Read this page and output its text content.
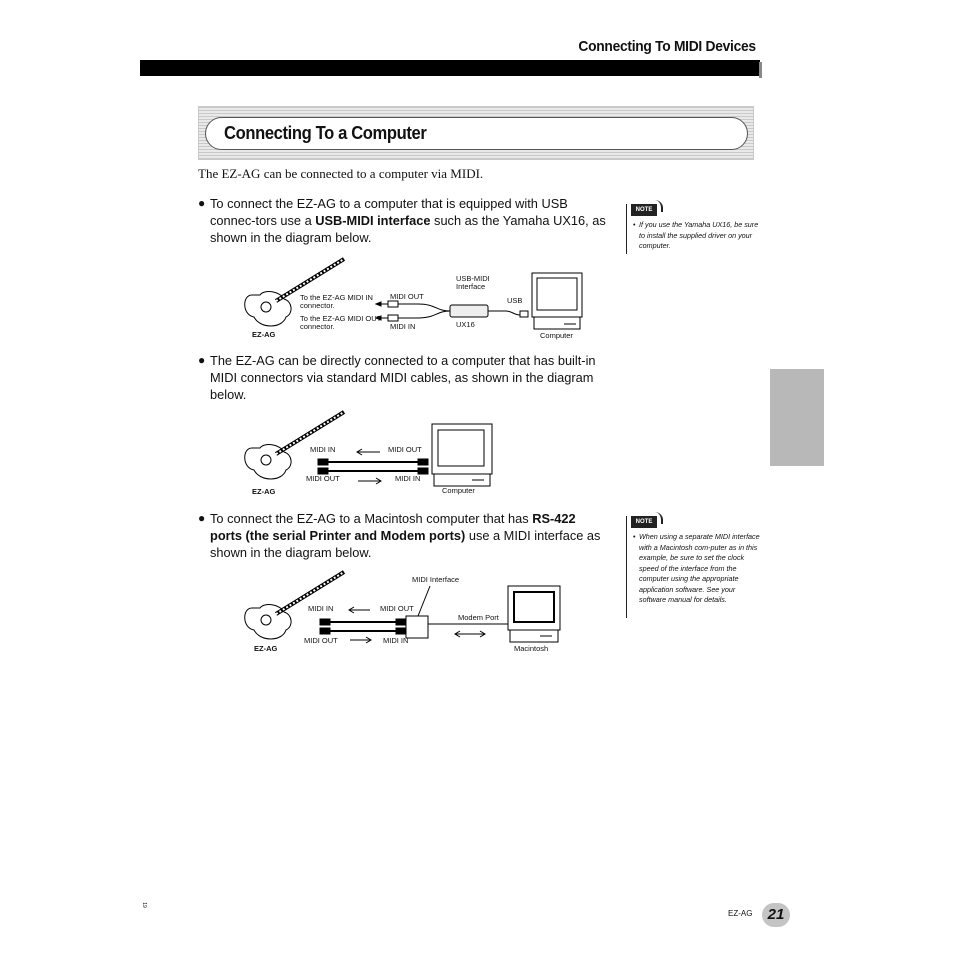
Connecting To MIDI Devices
Connecting To a Computer
The EZ-AG can be connected to a computer via MIDI.
● To connect the EZ-AG to a computer that is equipped with USB connec-tors use a USB-MIDI interface such as the Yamaha UX16, as shown in the diagram below.
● The EZ-AG can be directly connected to a computer that has built-in MIDI connectors via standard MIDI cables, as shown in the diagram below.
● To connect the EZ-AG to a Macintosh computer that has RS-422 ports (the serial Printer and Modem ports) use a MIDI interface as shown in the diagram below.
NOTE
• If you use the Yamaha UX16, be sure to install the supplied driver on your computer.
NOTE
• When using a separate MIDI interface with a Macintosh com-puter as in this example, be sure to set the clock speed of the interface from the computer using the appropriate application software. See your software manual for details.
EZ-AG
To the EZ-AG MIDI IN connector.
To the EZ-AG MIDI OUT connector.
MIDI OUT
MIDI IN
USB-MIDI Interface
USB
UX16
Computer
EZ-AG
MIDI IN	MIDI OUT
MIDI OUT	MIDI IN
Computer
EZ-AG
MIDI Interface
MIDI IN	MIDI OUT
MIDI OUT	MIDI IN
Modem Port
Macintosh
19
EZ-AG	21
